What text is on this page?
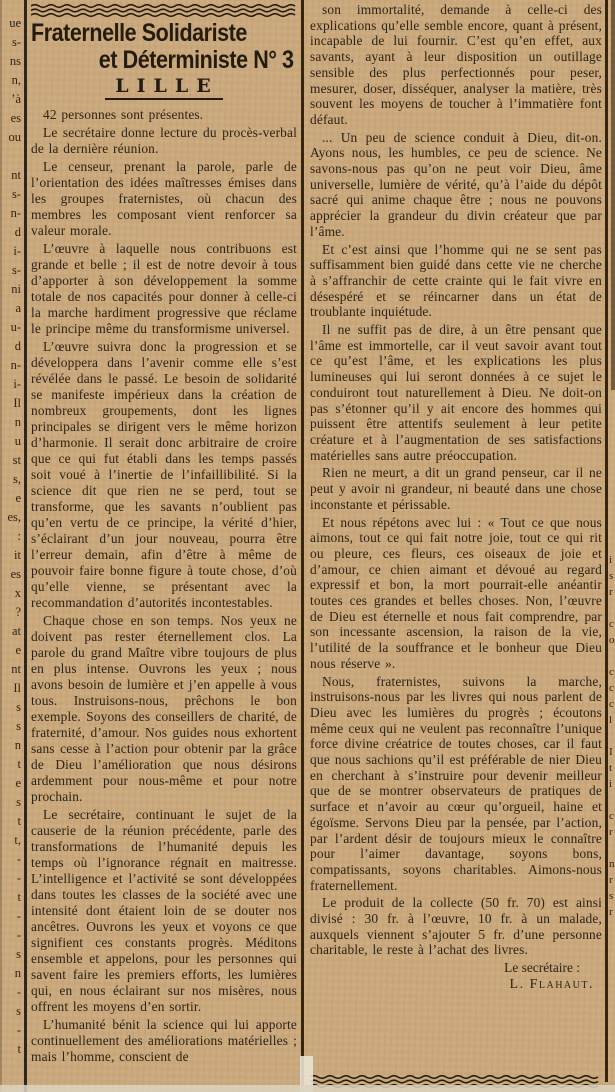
ue
s-
ns
n,
’à
es
ou

nt
s-
n-
d
i-
s-
ni
a
u-
d
n-
i-
Il
n
u
st
s,
e
es,
:
it
es
x
?
at
e
nt
Il
s
s
n
t
e
s
t
t,
-
-
t
-
-
s
n
-
s
-
t
Fraternelle Solidariste
et Déterministe N° 3
LILLE

42 personnes sont présentes.

Le secrétaire donne lecture du procès-verbal de la dernière réunion.

Le censeur, prenant la parole, parle de l’orientation des idées maîtresses émises dans les groupes fraternistes, où chacun des membres les composant vient renforcer sa valeur morale.

L’œuvre à laquelle nous contribuons est grande et belle ; il est de notre devoir à tous d’apporter à son développement la somme totale de nos capacités pour donner à celle-ci la marche hardiment progressive que réclame le principe même du transformisme universel.

L’œuvre suivra donc la progression et se développera dans l’avenir comme elle s’est révélée dans le passé. Le besoin de solidarité se manifeste impérieux dans la création de nombreux groupements, dont les lignes principales se dirigent vers le même horizon d’harmonie. Il serait donc arbitraire de croire que ce qui fut établi dans les temps passés soit voué à l’inertie de l’infaillibilité. Si la science dit que rien ne se perd, tout se transforme, que les savants n’oublient pas qu’en vertu de ce principe, la vérité d’hier, s’éclairant d’un jour nouveau, pourra être l’erreur demain, afin d’être à même de pouvoir faire bonne figure à toute chose, d’où qu’elle vienne, se présentant avec la recommandation d’autorités incontestables.

Chaque chose en son temps. Nos yeux ne doivent pas rester éternellement clos. La parole du grand Maître vibre toujours de plus en plus intense. Ouvrons les yeux ; nous avons besoin de lumière et j’en appelle à vous tous. Instruisons-nous, prêchons le bon exemple. Soyons des conseillers de charité, de fraternité, d’amour. Nos guides nous exhortent sans cesse à l’action pour obtenir par la grâce de Dieu l’amélioration que nous désirons ardemment pour nous-même et pour notre prochain.

Le secrétaire, continuant le sujet de la causerie de la réunion précédente, parle des transformations de l’humanité depuis les temps où l’ignorance régnait en maitresse. L’intelligence et l’activité se sont développées dans toutes les classes de la société avec une intensité dont étaient loin de se douter nos ancêtres. Ouvrons les yeux et voyons ce que signifient ces constants progrès. Méditons ensemble et appelons, pour les personnes qui savent faire les premiers efforts, les lumières qui, en nous éclairant sur nos misères, nous offrent les moyens d’en sortir.

L’humanité bénit la science qui lui apporte continuellement des améliorations matérielles ; mais l’homme, conscient de

son immortalité, demande à celle-ci des explications qu’elle semble encore, quant à présent, incapable de lui fournir. C’est qu’en effet, aux savants, ayant à leur disposition un outillage sensible des plus perfectionnés pour peser, mesurer, doser, disséquer, analyser la matière, très souvent les moyens de toucher à l’immatière font défaut.

... Un peu de science conduit à Dieu, dit-on. Ayons nous, les humbles, ce peu de science. Ne savons-nous pas qu’on ne peut voir Dieu, âme universelle, lumière de vérité, qu’à l’aide du dépôt sacré qui anime chaque être ; nous ne pouvons apprécier la grandeur du divin créateur que par l’âme.

Et c’est ainsi que l’homme qui ne se sent pas suffisamment bien guidé dans cette vie ne cherche à s’affranchir de cette crainte qui le fait vivre en désespéré et se réincarner dans un état de troublante inquiétude.

Il ne suffit pas de dire, à un être pensant que l’âme est immortelle, car il veut savoir avant tout ce qu’est l’âme, et les explications les plus lumineuses qui lui seront données à ce sujet le conduiront tout naturellement à Dieu. Ne doit-on pas s’étonner qu’il y ait encore des hommes qui puissent être attentifs seulement à leur petite créature et à l’augmentation de ses satisfactions matérielles sans autre préoccupation.

Rien ne meurt, a dit un grand penseur, car il ne peut y avoir ni grandeur, ni beauté dans une chose inconstante et périssable.

Et nous répétons avec lui : « Tout ce que nous aimons, tout ce qui fait notre joie, tout ce qui rit ou pleure, ces fleurs, ces oiseaux de joie et d’amour, ce chien aimant et dévoué au regard expressif et bon, la mort pourrait-elle anéantir toutes ces grandes et belles choses. Non, l’œuvre de Dieu est éternelle et nous fait comprendre, par son incessante ascension, la raison de la vie, l’utilité de la souffrance et le bonheur que Dieu nous réserve ».

Nous, fraternistes, suivons la marche, instruisons-nous par les livres qui nous parlent de Dieu avec les lumières du progrès ; écoutons même ceux qui ne veulent pas reconnaître l’unique force divine créatrice de toutes choses, car il faut que nous sachions qu’il est préférable de nier Dieu en cherchant à s’instruire pour devenir meilleur que de se montrer observateurs de pratiques de surface et n’avoir au cœur qu’orgueil, haine et égoïsme. Servons Dieu par la pensée, par l’action, par l’ardent désir de toujours mieux le connaître pour l’aimer davantage, soyons bons, compatissants, soyons charitables. Aimons-nous fraternellement.

Le produit de la collecte (50 fr. 70) est ainsi divisé : 30 fr. à l’œuvre, 10 fr. à un malade, auxquels viennent s’ajouter 5 fr. d’une personne charitable, le reste à l’achat des livres.

Le secrétaire :
L. Flahaut.
i
s
r

c
o

c
c
c
l

I
t
i

c
r

n
r
s
r
